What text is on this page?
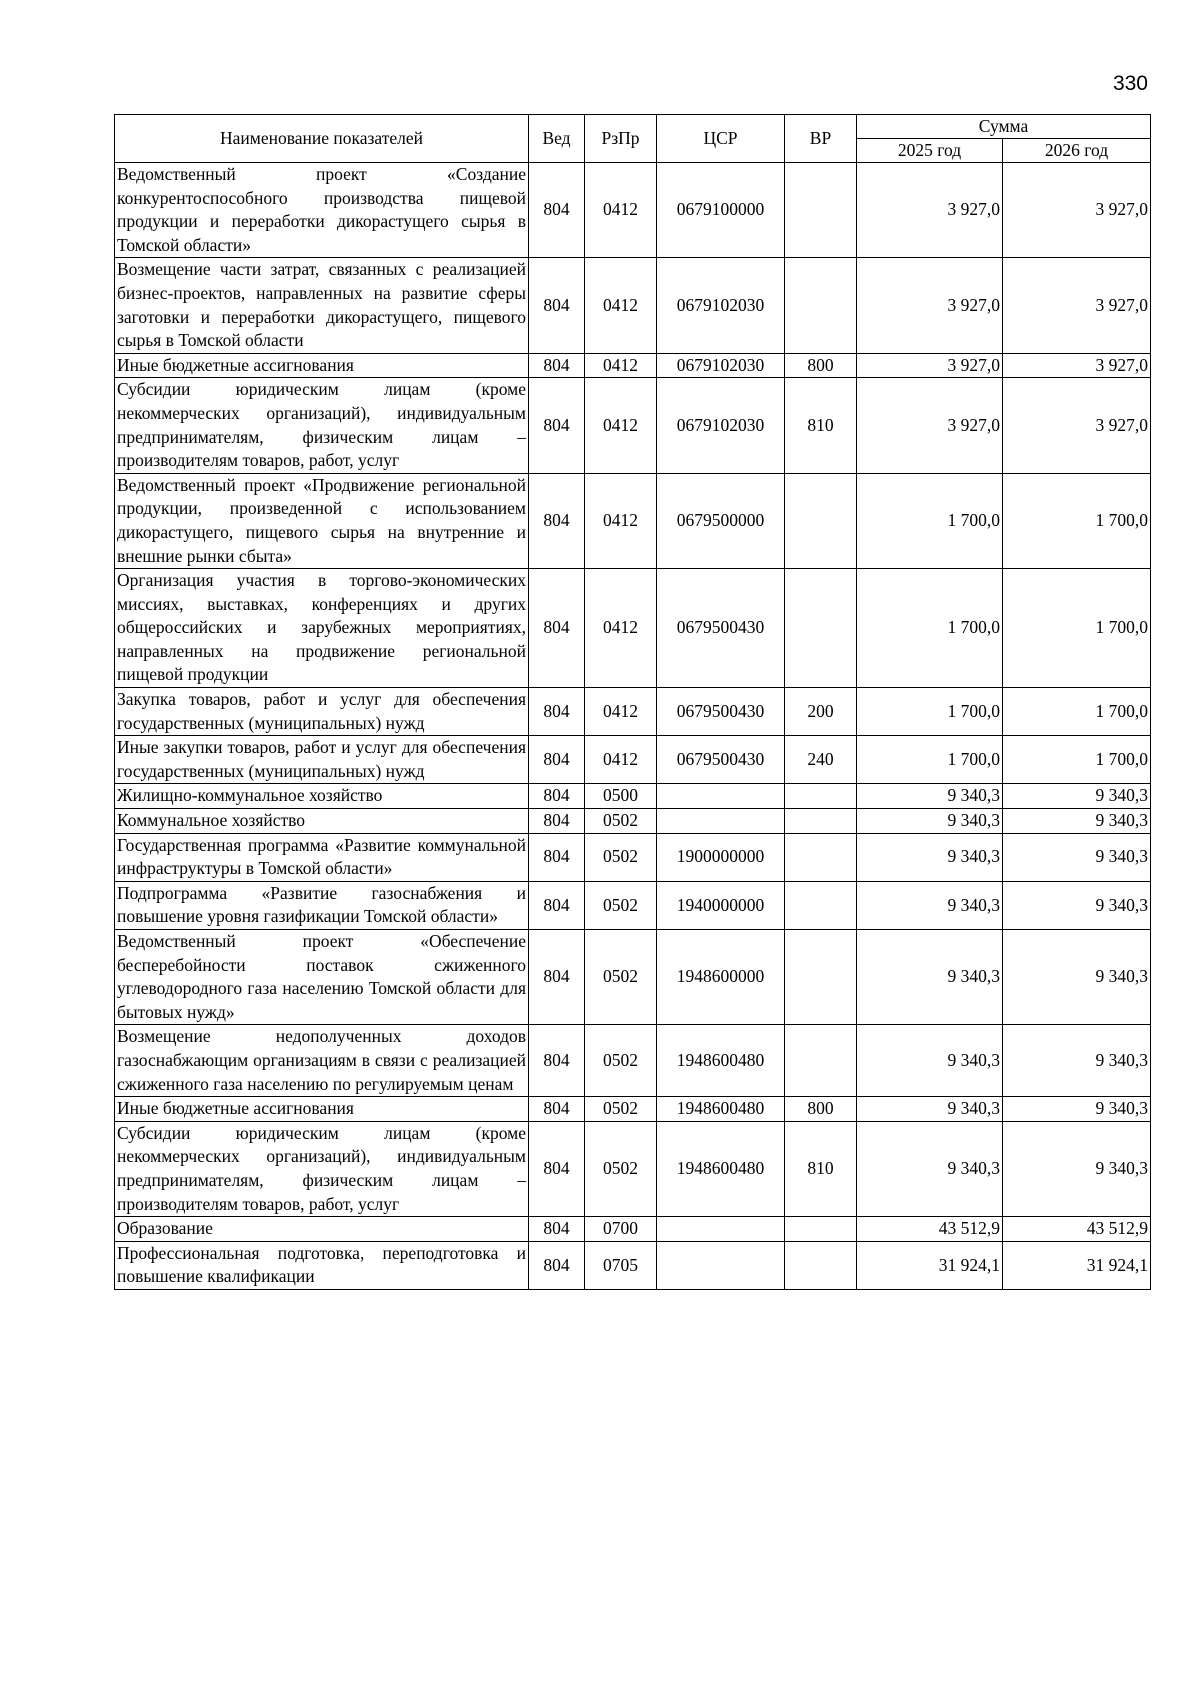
330
Наименование показателей	Вед	РзПр	ЦСР	ВР	Сумма	
					2025 год	2026 год
Ведомственный проект «Создание конкурентоспособного производства пищевой продукции и переработки дикорастущего сырья в Томской области»	804	0412	0679100000		3 927,0	3 927,0
Возмещение части затрат, связанных с реализацией бизнес-проектов, направленных на развитие сферы заготовки и переработки дикорастущего, пищевого сырья в Томской области	804	0412	0679102030		3 927,0	3 927,0
Иные бюджетные ассигнования	804	0412	0679102030	800	3 927,0	3 927,0
Субсидии юридическим лицам (кроме некоммерческих организаций), индивидуальным предпринимателям, физическим лицам – производителям товаров, работ, услуг	804	0412	0679102030	810	3 927,0	3 927,0
Ведомственный проект «Продвижение региональной продукции, произведенной с использованием дикорастущего, пищевого сырья на внутренние и внешние рынки сбыта»	804	0412	0679500000		1 700,0	1 700,0
Организация участия в торгово-экономических миссиях, выставках, конференциях и других общероссийских и зарубежных мероприятиях, направленных на продвижение региональной пищевой продукции	804	0412	0679500430		1 700,0	1 700,0
Закупка товаров, работ и услуг для обеспечения государственных (муниципальных) нужд	804	0412	0679500430	200	1 700,0	1 700,0
Иные закупки товаров, работ и услуг для обеспечения государственных (муниципальных) нужд	804	0412	0679500430	240	1 700,0	1 700,0
Жилищно-коммунальное хозяйство	804	0500			9 340,3	9 340,3
Коммунальное хозяйство	804	0502			9 340,3	9 340,3
Государственная программа «Развитие коммунальной инфраструктуры в Томской области»	804	0502	1900000000		9 340,3	9 340,3
Подпрограмма «Развитие газоснабжения и повышение уровня газификации Томской области»	804	0502	1940000000		9 340,3	9 340,3
Ведомственный проект «Обеспечение бесперебойности поставок сжиженного углеводородного газа населению Томской области для бытовых нужд»	804	0502	1948600000		9 340,3	9 340,3
Возмещение недополученных доходов газоснабжающим организациям в связи с реализацией сжиженного газа населению по регулируемым ценам	804	0502	1948600480		9 340,3	9 340,3
Иные бюджетные ассигнования	804	0502	1948600480	800	9 340,3	9 340,3
Субсидии юридическим лицам (кроме некоммерческих организаций), индивидуальным предпринимателям, физическим лицам – производителям товаров, работ, услуг	804	0502	1948600480	810	9 340,3	9 340,3
Образование	804	0700			43 512,9	43 512,9
Профессиональная подготовка, переподготовка и повышение квалификации	804	0705			31 924,1	31 924,1
